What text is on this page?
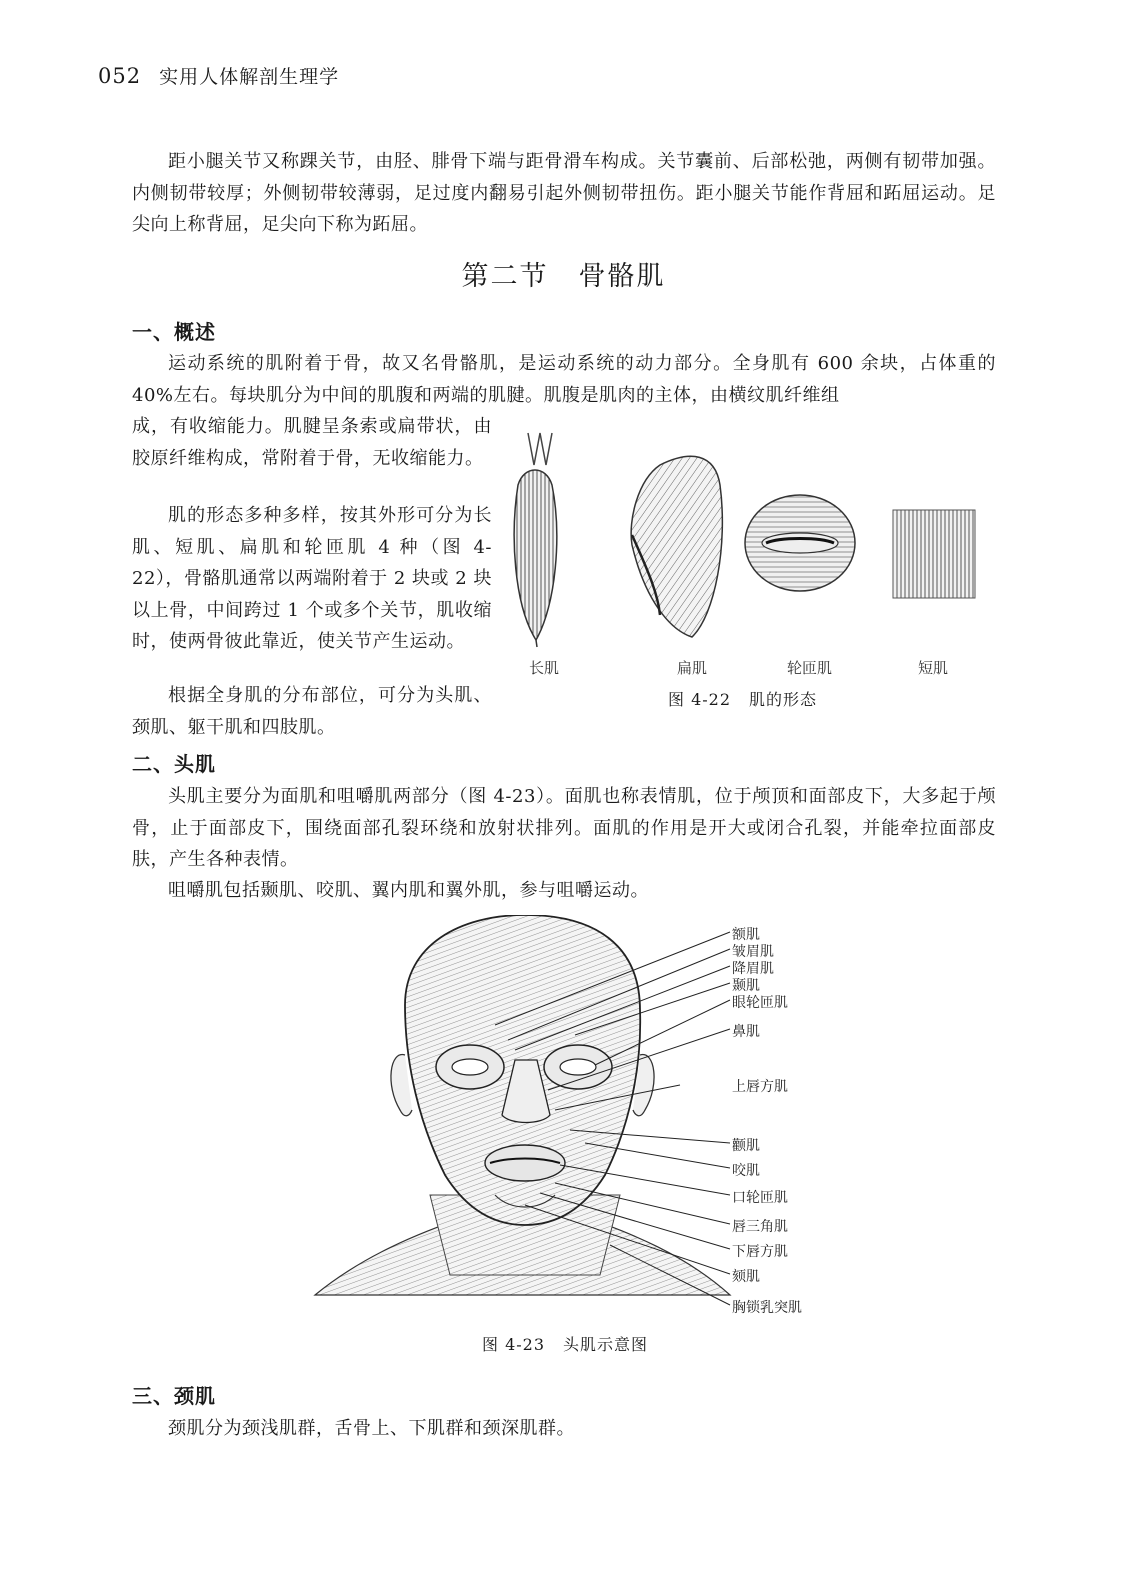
052 实用人体解剖生理学

距小腿关节又称踝关节，由胫、腓骨下端与距骨滑车构成。关节囊前、后部松弛，两侧有韧带加强。内侧韧带较厚；外侧韧带较薄弱，足过度内翻易引起外侧韧带扭伤。距小腿关节能作背屈和跖屈运动。足尖向上称背屈，足尖向下称为跖屈。

第二节 骨骼肌
一、概述

运动系统的肌附着于骨，故又名骨骼肌，是运动系统的动力部分。全身肌有 600 余块，占体重的 40%左右。每块肌分为中间的肌腹和两端的肌腱。肌腹是肌肉的主体，由横纹肌纤维组

成，有收缩能力。肌腱呈条索或扁带状，由胶原纤维构成，常附着于骨，无收缩能力。

肌的形态多种多样，按其外形可分为长肌、短肌、扁肌和轮匝肌 4 种（图 4-22），骨骼肌通常以两端附着于 2 块或 2 块以上骨，中间跨过 1 个或多个关节，肌收缩时，使两骨彼此靠近，使关节产生运动。

根据全身肌的分布部位，可分为头肌、颈肌、躯干肌和四肢肌。

长肌	扁肌	轮匝肌	短肌
图 4-22 肌的形态
二、头肌

头肌主要分为面肌和咀嚼肌两部分（图 4-23）。面肌也称表情肌，位于颅顶和面部皮下，大多起于颅骨，止于面部皮下，围绕面部孔裂环绕和放射状排列。面肌的作用是开大或闭合孔裂，并能牵拉面部皮肤，产生各种表情。

咀嚼肌包括颞肌、咬肌、翼内肌和翼外肌，参与咀嚼运动。

额肌
皱眉肌
降眉肌
颞肌
眼轮匝肌
鼻肌
上唇方肌
颧肌
咬肌
口轮匝肌
唇三角肌
下唇方肌
颏肌
胸锁乳突肌
图 4-23 头肌示意图
三、颈肌

颈肌分为颈浅肌群，舌骨上、下肌群和颈深肌群。
